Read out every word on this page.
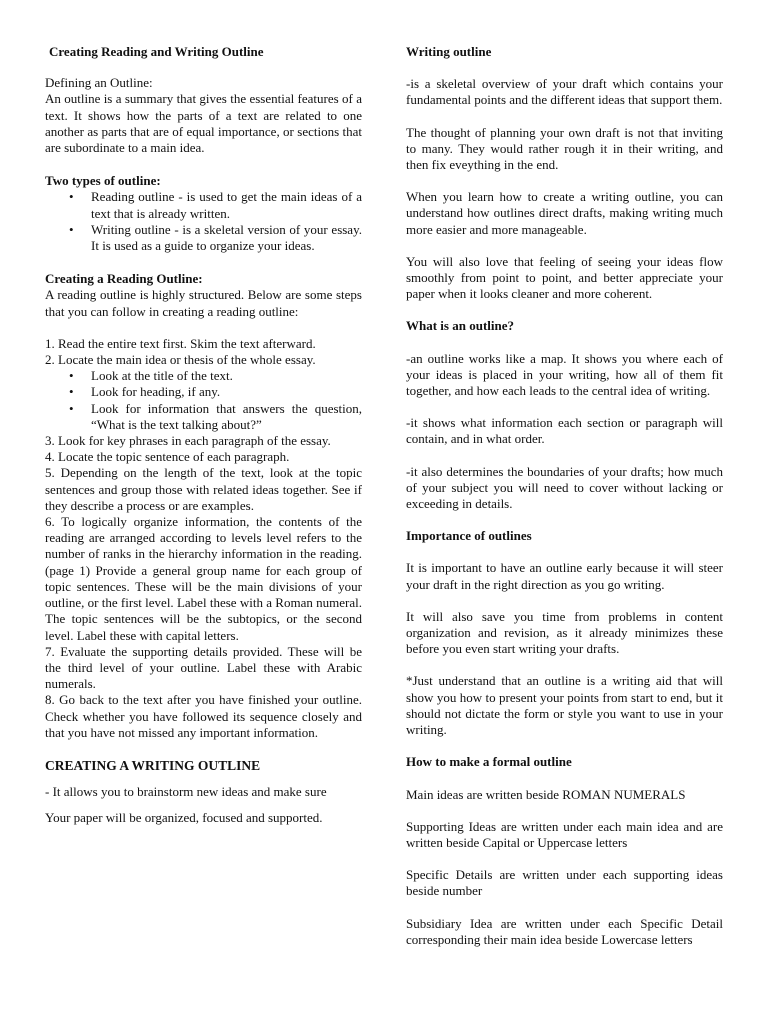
Creating Reading and Writing Outline

Defining an Outline:

An outline is a summary that gives the essential features of a text. It shows how the parts of a text are related to one another as parts that are of equal importance, or sections that are subordinate to a main idea.

Two types of outline:

• Reading outline - is used to get the main ideas of a text that is already written.
• Writing outline - is a skeletal version of your essay. It is used as a guide to organize your ideas.

Creating a Reading Outline:

A reading outline is highly structured. Below are some steps that you can follow in creating a reading outline:

1. Read the entire text first. Skim the text afterward.

2. Locate the main idea or thesis of the whole essay.

• Look at the title of the text.
• Look for heading, if any.
• Look for information that answers the question, “What is the text talking about?”

3. Look for key phrases in each paragraph of the essay.

4. Locate the topic sentence of each paragraph.

5. Depending on the length of the text, look at the topic sentences and group those with related ideas together. See if they describe a process or are examples.

6. To logically organize information, the contents of the reading are arranged according to levels level refers to the number of ranks in the hierarchy information in the reading. (page 1) Provide a general group name for each group of topic sentences. These will be the main divisions of your outline, or the first level. Label these with a Roman numeral. The topic sentences will be the subtopics, or the second level. Label these with capital letters.

7. Evaluate the supporting details provided. These will be the third level of your outline. Label these with Arabic numerals.

8. Go back to the text after you have finished your outline. Check whether you have followed its sequence closely and that you have not missed any important information.

CREATING A WRITING OUTLINE

- It allows you to brainstorm new ideas and make sure

Your paper will be organized, focused and supported.

Writing outline

-is a skeletal overview of your draft which contains your fundamental points and the different ideas that support them.

The thought of planning your own draft is not that inviting to many. They would rather rough it in their writing, and then fix eveything in the end.

When you learn how to create a writing outline, you can understand how outlines direct drafts, making writing much more easier and more manageable.

You will also love that feeling of seeing your ideas flow smoothly from point to point, and better appreciate your paper when it looks cleaner and more coherent.

What is an outline?

-an outline works like a map. It shows you where each of your ideas is placed in your writing, how all of them fit together, and how each leads to the central idea of writing.

-it shows what information each section or paragraph will contain, and in what order.

-it also determines the boundaries of your drafts; how much of your subject you will need to cover without lacking or exceeding in details.

Importance of outlines

It is important to have an outline early because it will steer your draft in the right direction as you go writing.

It will also save you time from problems in content organization and revision, as it already minimizes these before you even start writing your drafts.

*Just understand that an outline is a writing aid that will show you how to present your points from start to end, but it should not dictate the form or style you want to use in your writing.

How to make a formal outline

Main ideas are written beside ROMAN NUMERALS

Supporting Ideas are written under each main idea and are written beside Capital or Uppercase letters

Specific Details are written under each supporting ideas beside number

Subsidiary Idea are written under each Specific Detail corresponding their main idea beside Lowercase letters
